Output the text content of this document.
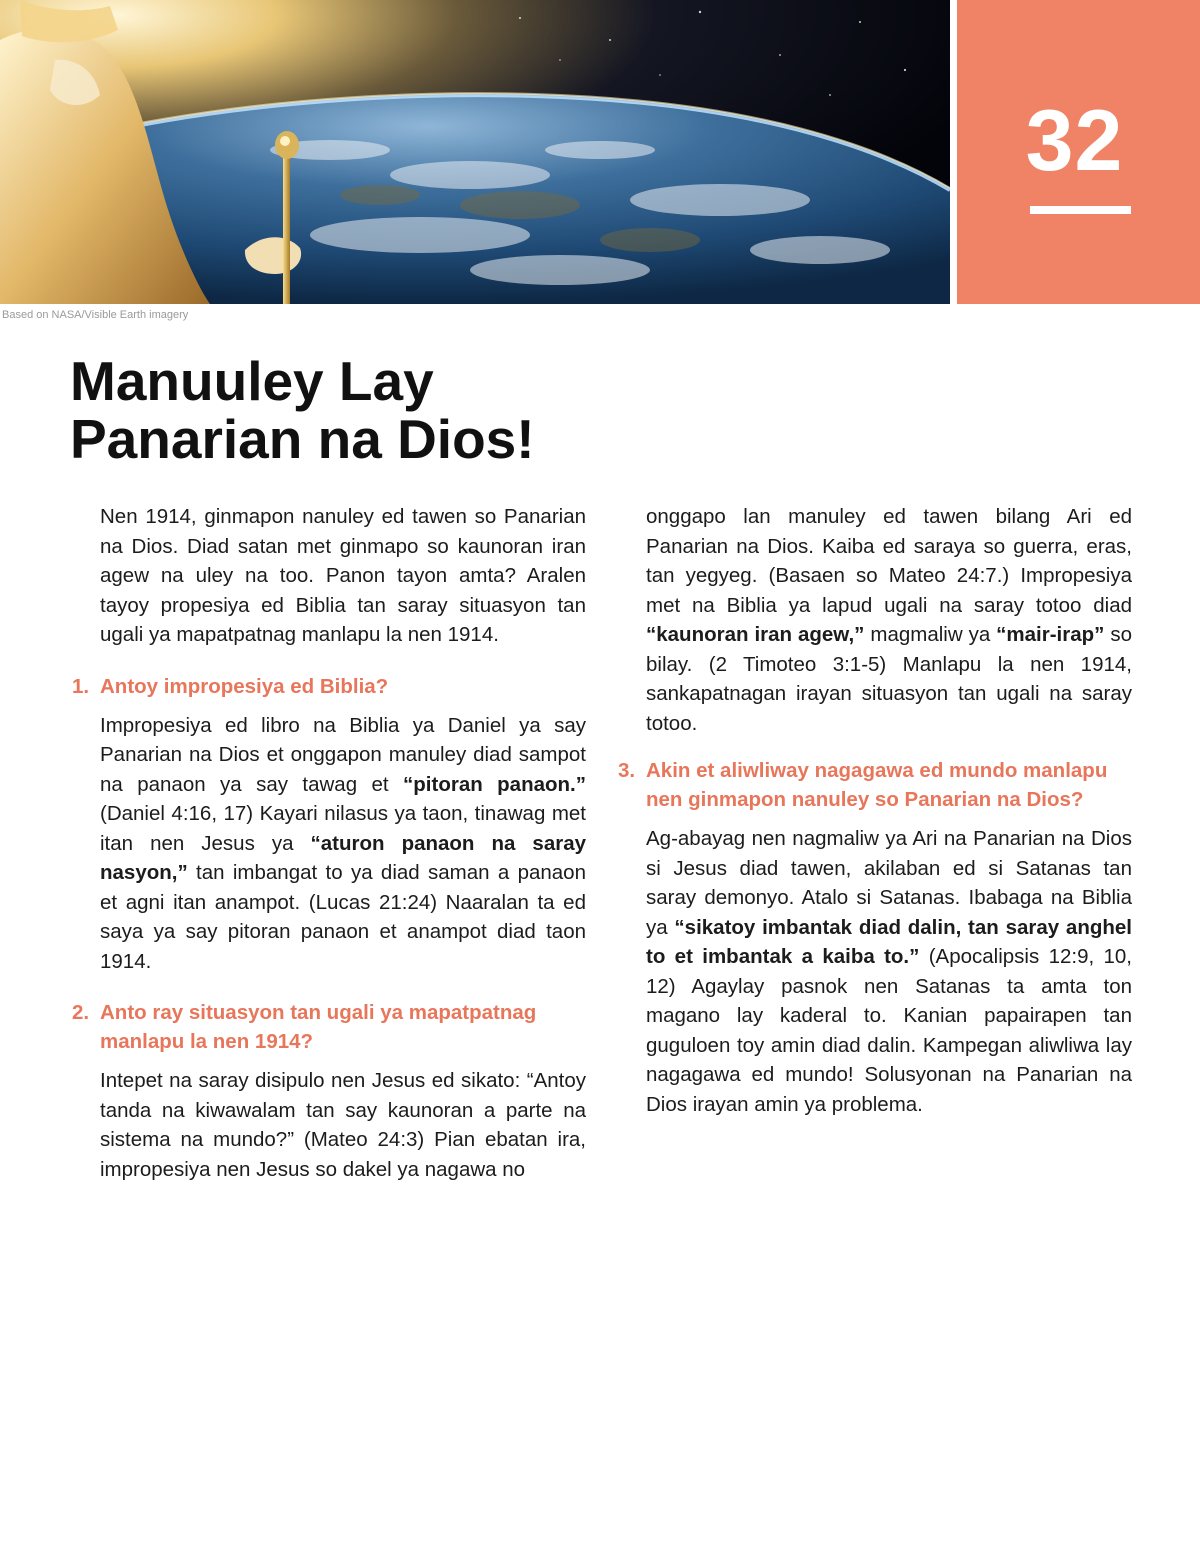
32
Based on NASA/Visible Earth imagery
Manuuley Lay
Panarian na Dios!

Nen 1914, ginmapon nanuley ed tawen so Panarian na Dios. Diad satan met ginmapo so kaunoran iran agew na uley na too. Panon tayon amta? Aralen tayoy propesiya ed Biblia tan saray situasyon tan ugali ya mapatpatnag manlapu la nen 1914.

1. Antoy impropesiya ed Biblia?

Impropesiya ed libro na Biblia ya Daniel ya say Panarian na Dios et onggapon manuley diad sampot na panaon ya say tawag et “pitoran panaon.” (Daniel 4:16, 17) Kayari nilasus ya taon, tinawag met itan nen Jesus ya “aturon panaon na saray nasyon,” tan imbangat to ya diad saman a panaon et agni itan anampot. (Lucas 21:24) Naaralan ta ed saya ya say pitoran panaon et anampot diad taon 1914.

2. Anto ray situasyon tan ugali ya mapatpatnag manlapu la nen 1914?

Intepet na saray disipulo nen Jesus ed sikato: “Antoy tanda na kiwawalam tan say kaunoran a parte na sistema na mundo?” (Mateo 24:3) Pian ebatan ira, impropesiya nen Jesus so dakel ya nagawa no

onggapo lan manuley ed tawen bilang Ari ed Panarian na Dios. Kaiba ed saraya so guerra, eras, tan yegyeg. (Basaen so Mateo 24:7.) Impropesiya met na Biblia ya lapud ugali na saray totoo diad “kaunoran iran agew,” magmaliw ya “mair-irap” so bilay. (2 Timoteo 3:1-5) Manlapu la nen 1914, sankapatnagan irayan situasyon tan ugali na saray totoo.

3. Akin et aliwliway nagagawa ed mundo manlapu nen ginmapon nanuley so Panarian na Dios?

Ag-abayag nen nagmaliw ya Ari na Panarian na Dios si Jesus diad tawen, akilaban ed si Satanas tan saray demonyo. Atalo si Satanas. Ibabaga na Biblia ya “sikatoy imbantak diad dalin, tan saray anghel to et imbantak a kaiba to.” (Apocalipsis 12:9, 10, 12) Agaylay pasnok nen Satanas ta amta ton magano lay kaderal to. Kanian papairapen tan guguloen toy amin diad dalin. Kampegan aliwliwa lay nagagawa ed mundo! Solusyonan na Panarian na Dios irayan amin ya problema.
